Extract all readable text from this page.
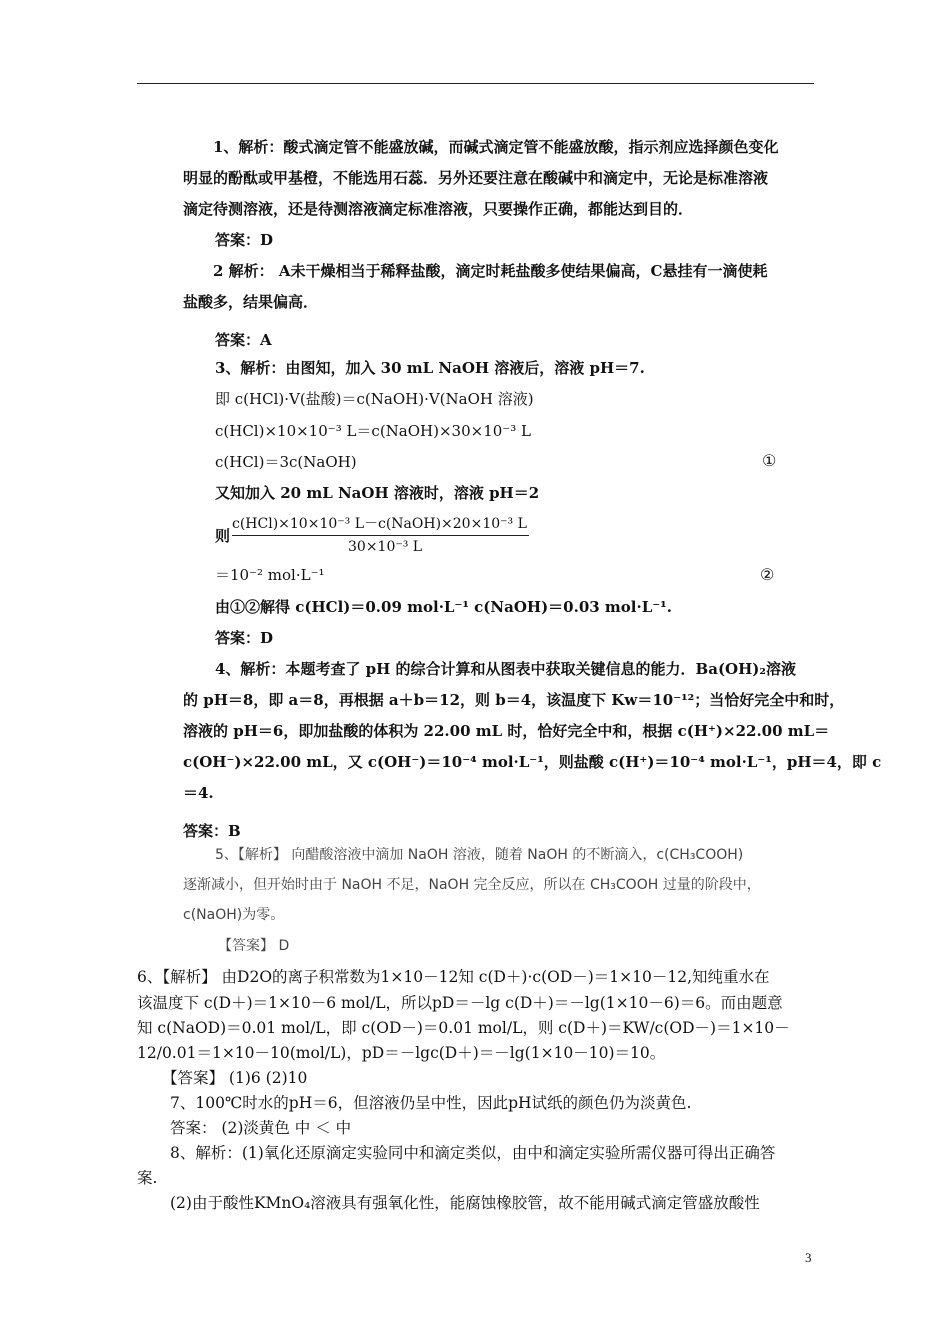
1、解析：酸式滴定管不能盛放碱，而碱式滴定管不能盛放酸，指示剂应选择颜色变化
明显的酚酞或甲基橙，不能选用石蕊．另外还要注意在酸碱中和滴定中，无论是标准溶液
滴定待测溶液，还是待测溶液滴定标准溶液，只要操作正确，都能达到目的．
答案：D
2 解析： A未干燥相当于稀释盐酸，滴定时耗盐酸多使结果偏高，C悬挂有一滴使耗
盐酸多，结果偏高．
答案：A
3、解析：由图知，加入 30 mL NaOH 溶液后，溶液 pH＝7.
即 c(HCl)·V(盐酸)＝c(NaOH)·V(NaOH 溶液)
c(HCl)×10×10⁻³ L＝c(NaOH)×30×10⁻³ L
c(HCl)＝3c(NaOH)	①
又知加入 20 mL NaOH 溶液时，溶液 pH＝2
则
c(HCl)×10×10⁻³ L－c(NaOH)×20×10⁻³ L
30×10⁻³ L
＝10⁻² mol·L⁻¹	②
由①②解得 c(HCl)＝0.09 mol·L⁻¹ c(NaOH)＝0.03 mol·L⁻¹.
答案：D
4、解析：本题考查了 pH 的综合计算和从图表中获取关键信息的能力．Ba(OH)₂溶液
的 pH＝8，即 a＝8，再根据 a＋b＝12，则 b＝4，该温度下 Kw＝10⁻¹²；当恰好完全中和时，
溶液的 pH＝6，即加盐酸的体积为 22.00 mL 时，恰好完全中和，根据 c(H⁺)×22.00 mL＝
c(OH⁻)×22.00 mL，又 c(OH⁻)＝10⁻⁴ mol·L⁻¹，则盐酸 c(H⁺)＝10⁻⁴ mol·L⁻¹，pH＝4，即 c
＝4.
答案：B
5、【解析】 向醋酸溶液中滴加 NaOH 溶液，随着 NaOH 的不断滴入，c(CH₃COOH)
逐渐减小，但开始时由于 NaOH 不足，NaOH 完全反应，所以在 CH₃COOH 过量的阶段中，
c(NaOH)为零。
【答案】 D
6、【解析】 由D2O的离子积常数为1×10－12知 c(D＋)·c(OD－)＝1×10－12,知纯重水在
该温度下 c(D＋)＝1×10－6 mol/L，所以pD＝－lg c(D＋)＝－lg(1×10－6)＝6。而由题意
知 c(NaOD)＝0.01 mol/L，即 c(OD－)＝0.01 mol/L，则 c(D＋)＝KW/c(OD－)＝1×10－
12/0.01＝1×10－10(mol/L)，pD＝－lgc(D＋)＝－lg(1×10－10)＝10。
【答案】 (1)6 (2)10
7、100℃时水的pH＝6，但溶液仍呈中性，因此pH试纸的颜色仍为淡黄色.
答案： (2)淡黄色 中 ＜ 中
8、解析：(1)氧化还原滴定实验同中和滴定类似，由中和滴定实验所需仪器可得出正确答
案.
(2)由于酸性KMnO₄溶液具有强氧化性，能腐蚀橡胶管，故不能用碱式滴定管盛放酸性
3
